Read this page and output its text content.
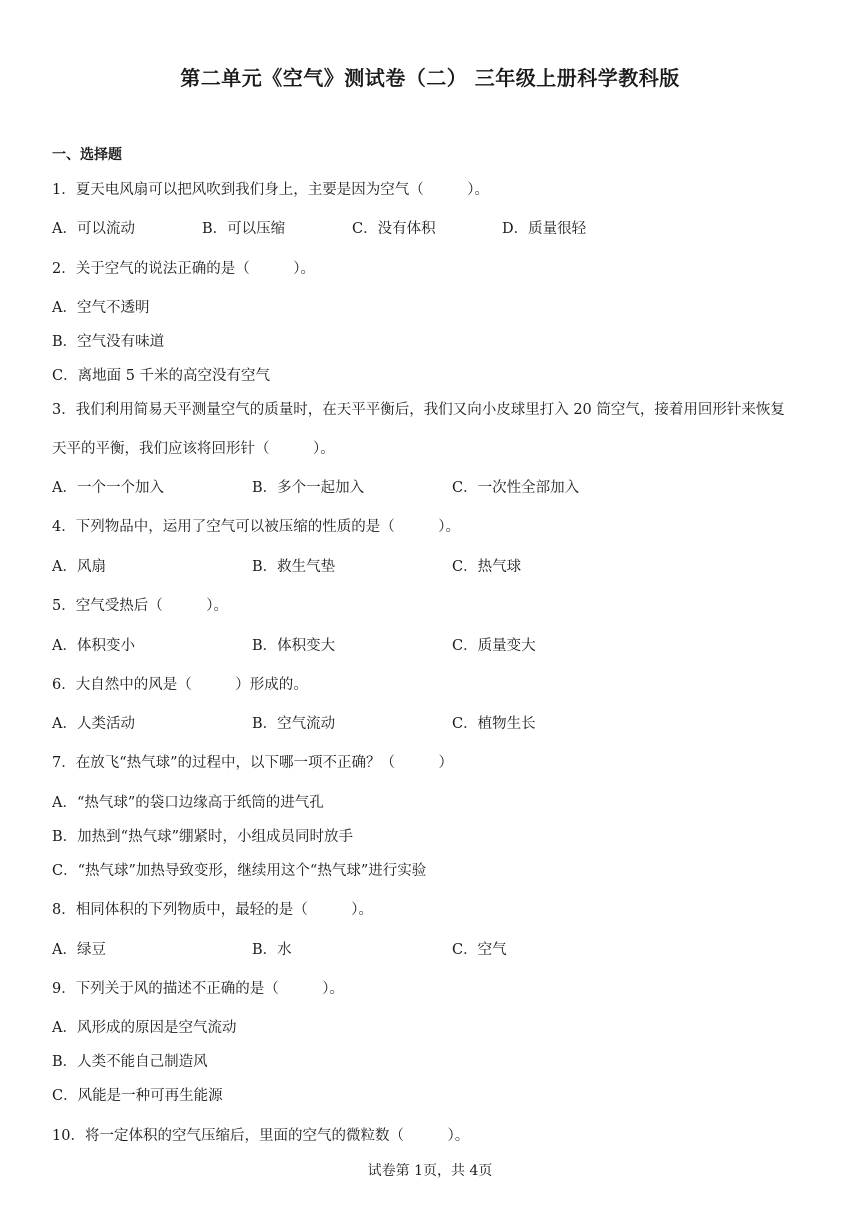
第二单元《空气》测试卷（二） 三年级上册科学教科版
一、选择题
1．夏天电风扇可以把风吹到我们身上，主要是因为空气（　　　）。
A．可以流动	B．可以压缩	C．没有体积	D．质量很轻
2．关于空气的说法正确的是（　　　）。
A．空气不透明
B．空气没有味道
C．离地面 5 千米的高空没有空气
3．我们利用简易天平测量空气的质量时，在天平平衡后，我们又向小皮球里打入 20 筒空气，接着用回形针来恢复
天平的平衡，我们应该将回形针（　　　）。
A．一个一个加入	B．多个一起加入	C．一次性全部加入
4．下列物品中，运用了空气可以被压缩的性质的是（　　　）。
A．风扇	B．救生气垫	C．热气球
5．空气受热后（　　　）。
A．体积变小	B．体积变大	C．质量变大
6．大自然中的风是（　　　）形成的。
A．人类活动	B．空气流动	C．植物生长
7．在放飞“热气球”的过程中，以下哪一项不正确？（　　　）
A．“热气球”的袋口边缘高于纸筒的进气孔
B．加热到“热气球”绷紧时，小组成员同时放手
C．“热气球”加热导致变形，继续用这个“热气球”进行实验
8．相同体积的下列物质中，最轻的是（　　　）。
A．绿豆	B．水	C．空气
9．下列关于风的描述不正确的是（　　　）。
A．风形成的原因是空气流动
B．人类不能自己制造风
C．风能是一种可再生能源
10．将一定体积的空气压缩后，里面的空气的微粒数（　　　）。
试卷第 1页，共 4页
